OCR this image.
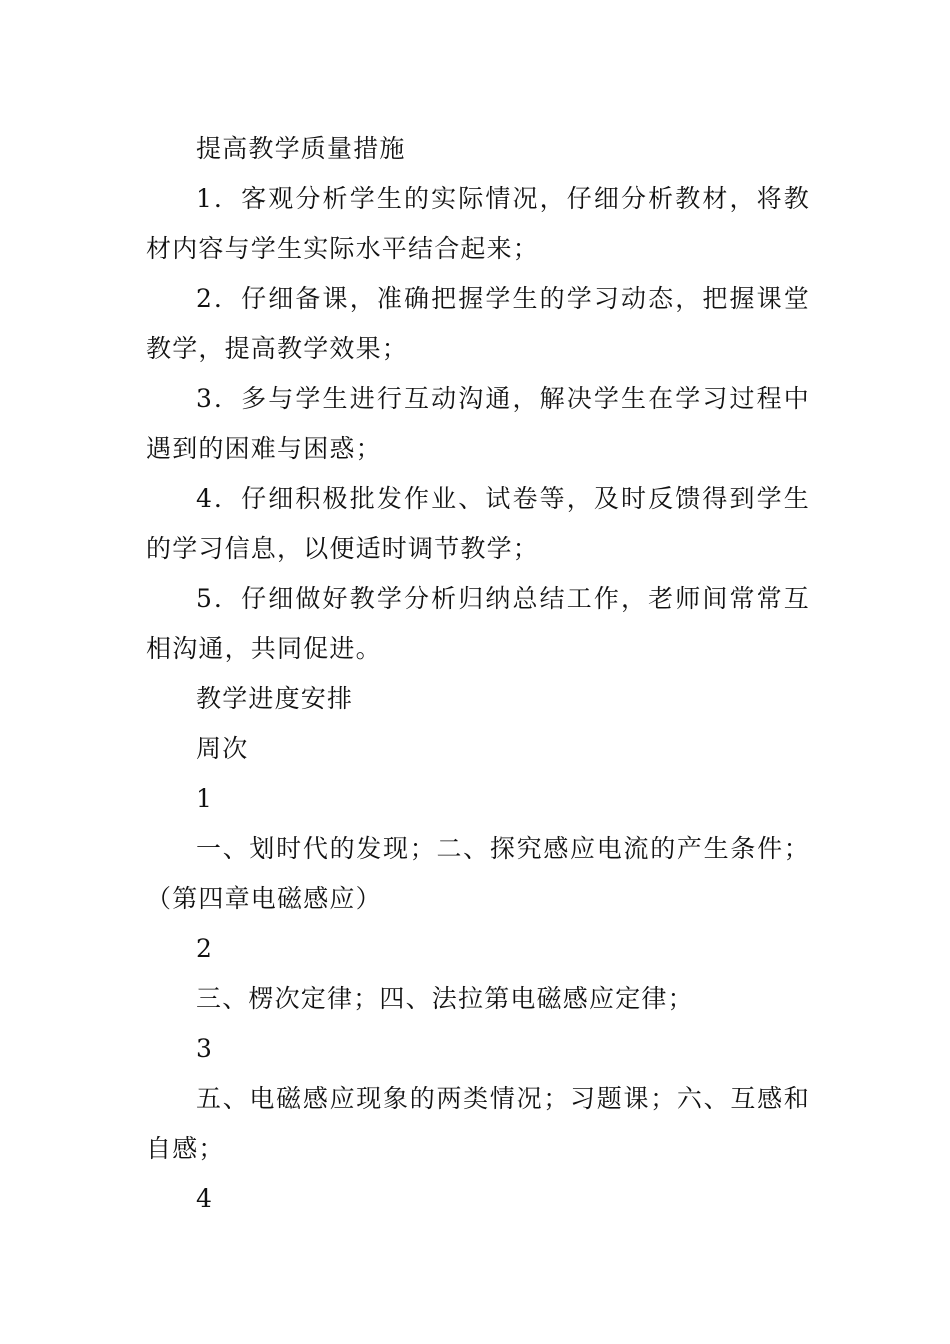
提高教学质量措施

1．客观分析学生的实际情况，仔细分析教材，将教材内容与学生实际水平结合起来；

2．仔细备课，准确把握学生的学习动态，把握课堂教学，提高教学效果；

3．多与学生进行互动沟通，解决学生在学习过程中遇到的困难与困惑；

4．仔细积极批发作业、试卷等，及时反馈得到学生的学习信息，以便适时调节教学；

5．仔细做好教学分析归纳总结工作，老师间常常互相沟通，共同促进。

教学进度安排

周次

1

一、划时代的发现；二、探究感应电流的产生条件；（第四章电磁感应）

2

三、楞次定律；四、法拉第电磁感应定律；

3

五、电磁感应现象的两类情况；习题课；六、互感和自感；

4
